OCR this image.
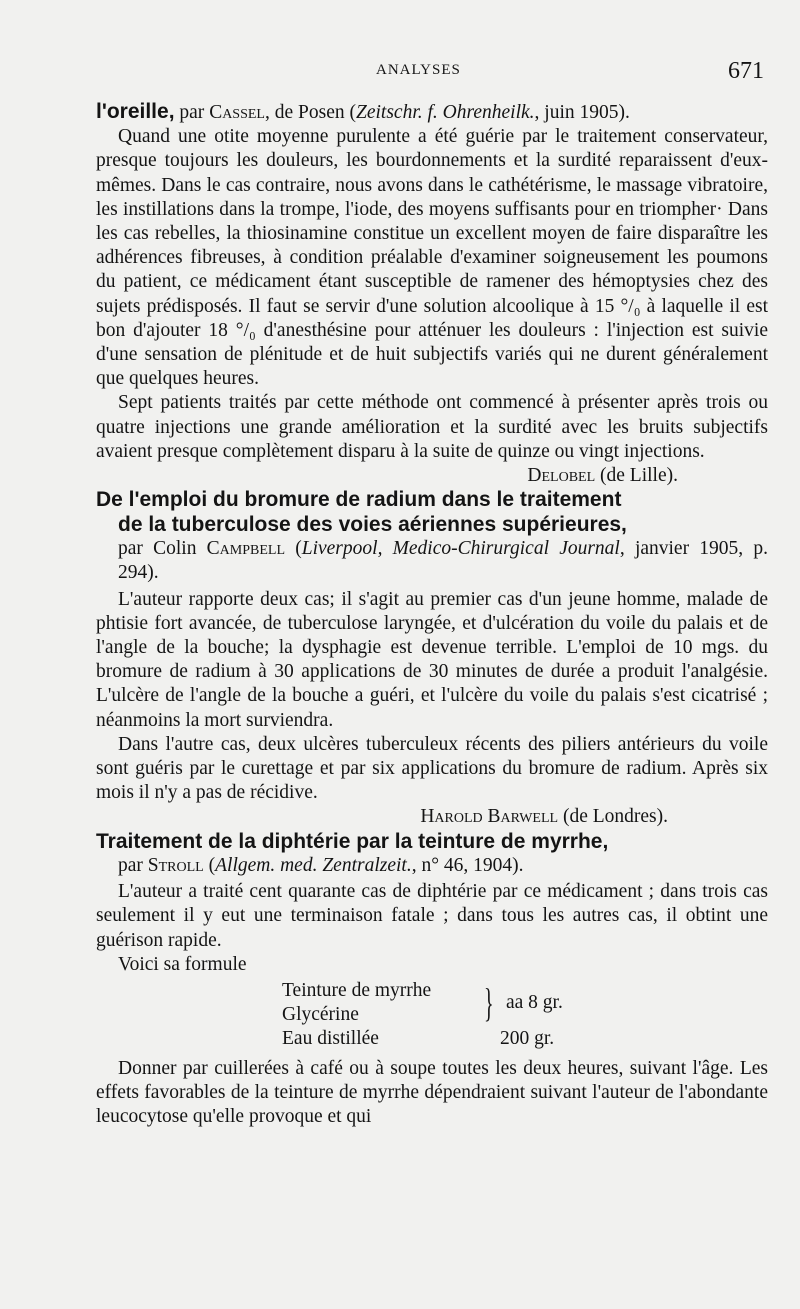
ANALYSES	671

l'oreille, par Cassel, de Posen (Zeitschr. f. Ohrenheilk., juin 1905).

Quand une otite moyenne purulente a été guérie par le traitement conservateur, presque toujours les douleurs, les bourdonnements et la surdité reparaissent d'eux-mêmes. Dans le cas contraire, nous avons dans le cathétérisme, le massage vibratoire, les instillations dans la trompe, l'iode, des moyens suffisants pour en triompher· Dans les cas rebelles, la thiosinamine constitue un excellent moyen de faire disparaître les adhérences fibreuses, à condition préalable d'examiner soigneusement les poumons du patient, ce médicament étant susceptible de ramener des hémoptysies chez des sujets prédisposés. Il faut se servir d'une solution alcoolique à 15 °/₀ à laquelle il est bon d'ajouter 18 °/₀ d'anesthésine pour atténuer les douleurs : l'injection est suivie d'une sensation de plénitude et de huit subjectifs variés qui ne durent généralement que quelques heures.

Sept patients traités par cette méthode ont commencé à présenter après trois ou quatre injections une grande amélioration et la surdité avec les bruits subjectifs avaient presque complètement disparu à la suite de quinze ou vingt injections.

Delobel (de Lille).

De l'emploi du bromure de radium dans le traitement
de la tuberculose des voies aériennes supérieures,

par Colin Campbell (Liverpool, Medico-Chirurgical Journal, janvier 1905, p. 294).

L'auteur rapporte deux cas; il s'agit au premier cas d'un jeune homme, malade de phtisie fort avancée, de tuberculose laryngée, et d'ulcération du voile du palais et de l'angle de la bouche; la dysphagie est devenue terrible. L'emploi de 10 mgs. du bromure de radium à 30 applications de 30 minutes de durée a produit l'analgésie. L'ulcère de l'angle de la bouche a guéri, et l'ulcère du voile du palais s'est cicatrisé ; néanmoins la mort surviendra.

Dans l'autre cas, deux ulcères tuberculeux récents des piliers antérieurs du voile sont guéris par le curettage et par six applications du bromure de radium. Après six mois il n'y a pas de récidive.

Harold Barwell (de Londres).

Traitement de la diphtérie par la teinture de myrrhe,

par Stroll (Allgem. med. Zentralzeit., n° 46, 1904).

L'auteur a traité cent quarante cas de diphtérie par ce médicament ; dans trois cas seulement il y eut une terminaison fatale ; dans tous les autres cas, il obtint une guérison rapide.

Voici sa formule

Teinture de myrrhe
Glycérine
Eau distillée
} aa 8 gr.
200 gr.

Donner par cuillerées à café ou à soupe toutes les deux heures, suivant l'âge. Les effets favorables de la teinture de myrrhe dépendraient suivant l'auteur de l'abondante leucocytose qu'elle provoque et qui
